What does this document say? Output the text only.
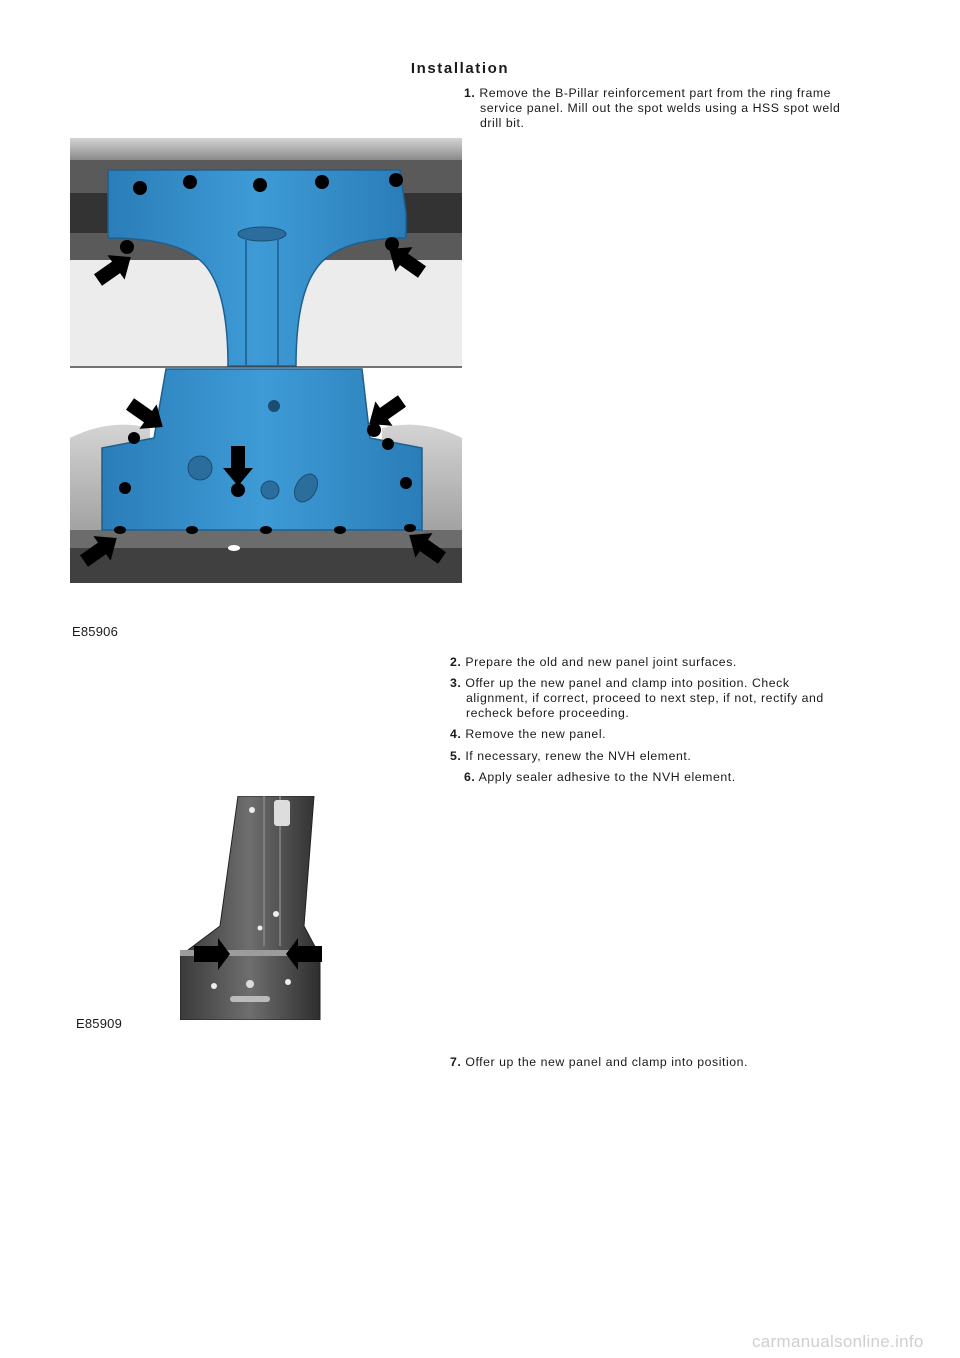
Installation
1. Remove the B-Pillar reinforcement part from the ring frame
service panel. Mill out the spot welds using a HSS spot weld
drill bit.
E85906
2. Prepare the old and new panel joint surfaces.
3. Offer up the new panel and clamp into position. Check
alignment, if correct, proceed to next step, if not, rectify and
recheck before proceeding.
4. Remove the new panel.
5. If necessary, renew the NVH element.
6. Apply sealer adhesive to the NVH element.
E85909
7. Offer up the new panel and clamp into position.
carmanualsonline.info
